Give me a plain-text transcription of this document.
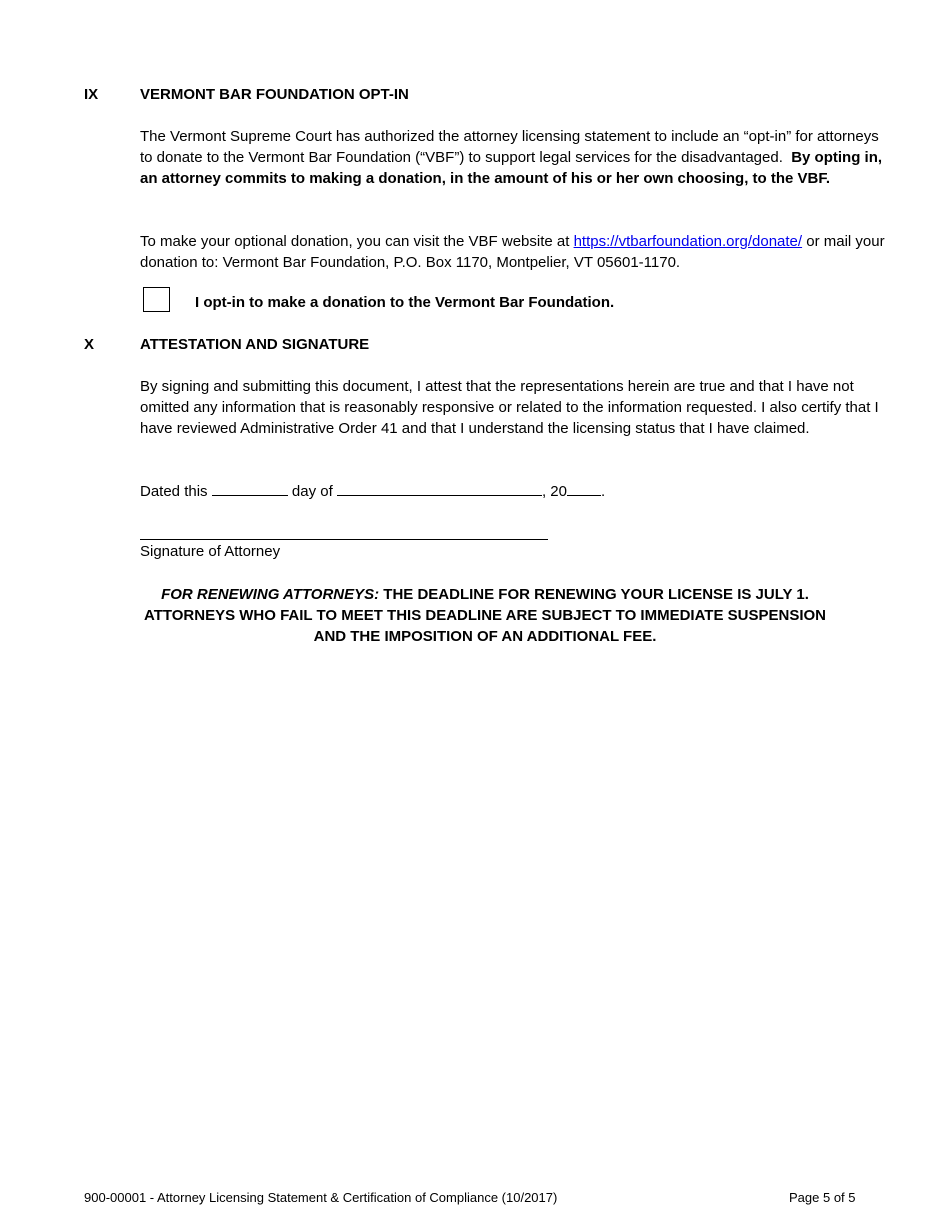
IX	VERMONT BAR FOUNDATION OPT-IN
The Vermont Supreme Court has authorized the attorney licensing statement to include an “opt-in” for attorneys to donate to the Vermont Bar Foundation (“VBF”) to support legal services for the disadvantaged. By opting in, an attorney commits to making a donation, in the amount of his or her own choosing, to the VBF.
To make your optional donation, you can visit the VBF website at https://vtbarfoundation.org/donate/ or mail your donation to: Vermont Bar Foundation, P.O. Box 1170, Montpelier, VT 05601-1170.
I opt-in to make a donation to the Vermont Bar Foundation.
X	ATTESTATION AND SIGNATURE
By signing and submitting this document, I attest that the representations herein are true and that I have not omitted any information that is reasonably responsive or related to the information requested. I also certify that I have reviewed Administrative Order 41 and that I understand the licensing status that I have claimed.
Dated this	day of	, 20 .
Signature of Attorney
FOR RENEWING ATTORNEYS: THE DEADLINE FOR RENEWING YOUR LICENSE IS JULY 1.
ATTORNEYS WHO FAIL TO MEET THIS DEADLINE ARE SUBJECT TO IMMEDIATE SUSPENSION
AND THE IMPOSITION OF AN ADDITIONAL FEE.
900-00001 - Attorney Licensing Statement & Certification of Compliance (10/2017)	Page 5 of 5
